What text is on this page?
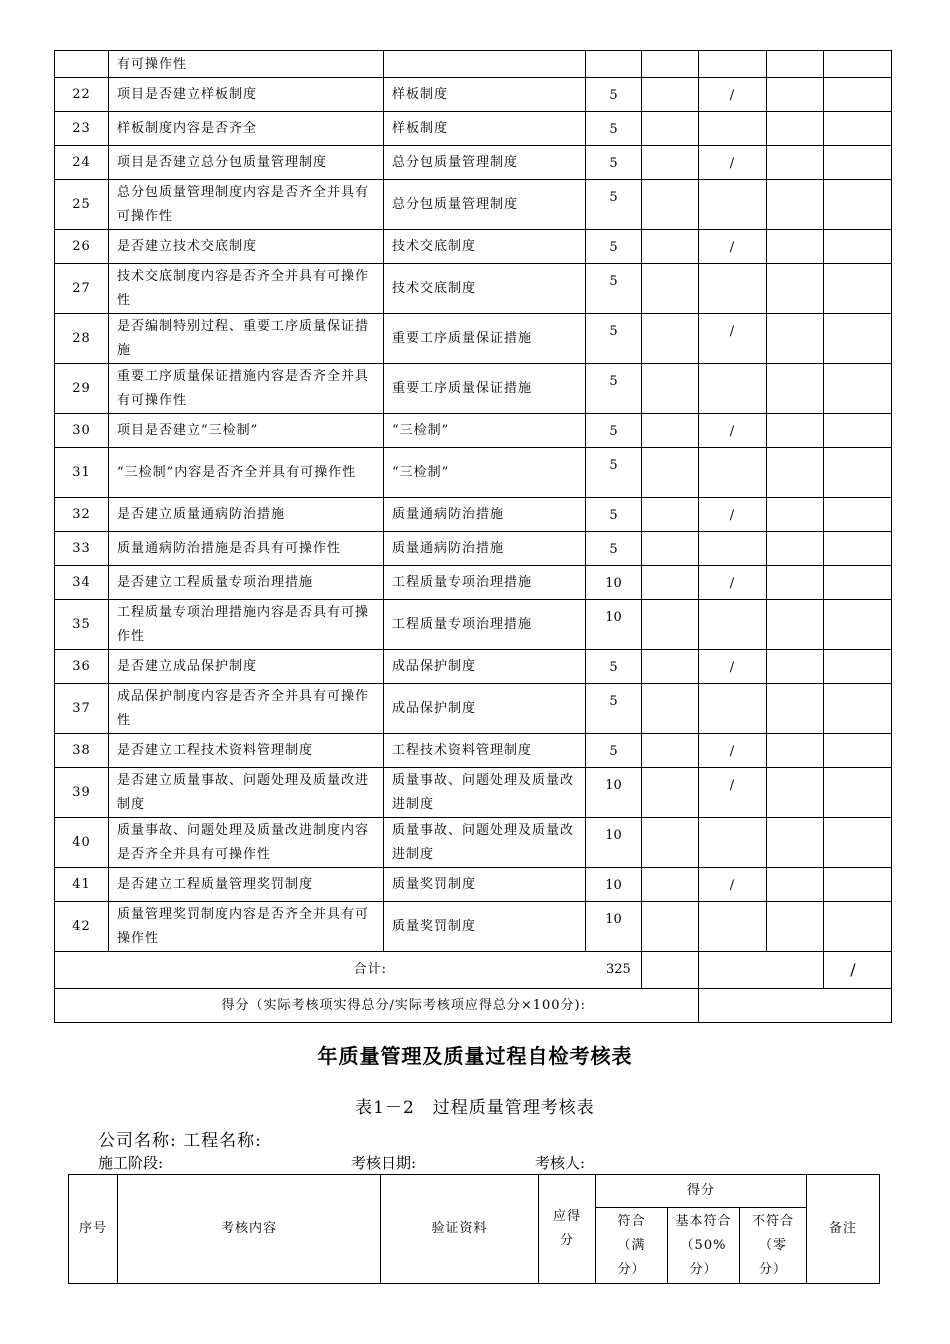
	有可操作性						
22	项目是否建立样板制度	样板制度	5		/		
23	样板制度内容是否齐全	样板制度	5				
24	项目是否建立总分包质量管理制度	总分包质量管理制度	5		/		
25	总分包质量管理制度内容是否齐全并具有可操作性	总分包质量管理制度	5				
26	是否建立技术交底制度	技术交底制度	5		/		
27	技术交底制度内容是否齐全并具有可操作性	技术交底制度	5				
28	是否编制特别过程、重要工序质量保证措施	重要工序质量保证措施	5		/		
29	重要工序质量保证措施内容是否齐全并具有可操作性	重要工序质量保证措施	5				
30	项目是否建立“三检制”	“三检制”	5		/		
31	“三检制”内容是否齐全并具有可操作性	“三检制”	5				
32	是否建立质量通病防治措施	质量通病防治措施	5		/		
33	质量通病防治措施是否具有可操作性	质量通病防治措施	5				
34	是否建立工程质量专项治理措施	工程质量专项治理措施	10		/		
35	工程质量专项治理措施内容是否具有可操作性	工程质量专项治理措施	10				
36	是否建立成品保护制度	成品保护制度	5		/		
37	成品保护制度内容是否齐全并具有可操作性	成品保护制度	5				
38	是否建立工程技术资料管理制度	工程技术资料管理制度	5		/		
39	是否建立质量事故、问题处理及质量改进制度	质量事故、问题处理及质量改进制度	10		/		
40	质量事故、问题处理及质量改进制度内容是否齐全并具有可操作性	质量事故、问题处理及质量改进制度	10				
41	是否建立工程质量管理奖罚制度	质量奖罚制度	10		/		
42	质量管理奖罚制度内容是否齐全并具有可操作性	质量奖罚制度	10				
合计:				325			/
得分（实际考核项实得总分/实际考核项应得总分×100分):							
年质量管理及质量过程自检考核表
表1－2　过程质量管理考核表
公司名称: 工程名称:
施工阶段:	考核日期:	考核人:
序号	考核内容	验证资料	应得分	得分			备注
				符合（满分）	基本符合（50%分）	不符合（零分）	
